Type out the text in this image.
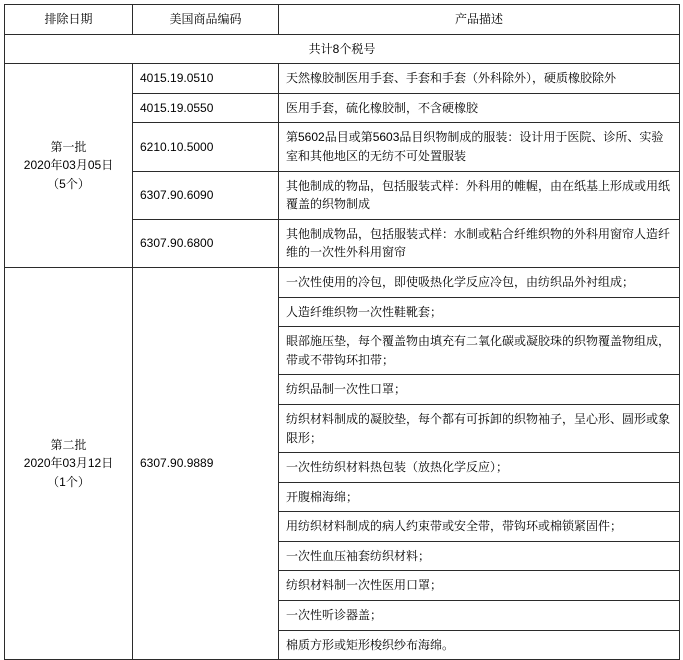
排除日期	美国商品编码	产品描述
共计8个税号		

第一批
2020年03月05日
（5个）	4015.19.0510	天然橡胶制医用手套、手套和手套（外科除外），硬质橡胶除外
	4015.19.0550	医用手套，硫化橡胶制，不含硬橡胶
	6210.10.5000	第5602品目或第5603品目织物制成的服装：设计用于医院、诊所、实验室和其他地区的无纺不可处置服装
	6307.90.6090	其他制成的物品，包括服装式样：外科用的帷幄，由在纸基上形成或用纸覆盖的织物制成
	6307.90.6800	其他制成物品，包括服装式样：水制或粘合纤维织物的外科用窗帘人造纤维的一次性外科用窗帘

第二批
2020年03月12日
（1个）	6307.90.9889	一次性使用的冷包，即使吸热化学反应冷包，由纺织品外衬组成；
		人造纤维织物一次性鞋靴套；
		眼部施压垫，每个覆盖物由填充有二氧化碳或凝胶珠的织物覆盖物组成，带或不带钩环扣带；
		纺织品制一次性口罩；
		纺织材料制成的凝胶垫，每个都有可拆卸的织物袖子，呈心形、圆形或象限形；
		一次性纺织材料热包装（放热化学反应）；
		开腹棉海绵；
		用纺织材料制成的病人约束带或安全带，带钩环或棉锁紧固件；
		一次性血压袖套纺织材料；
		纺织材料制一次性医用口罩；
		一次性听诊器盖；
		棉质方形或矩形梭织纱布海绵。
